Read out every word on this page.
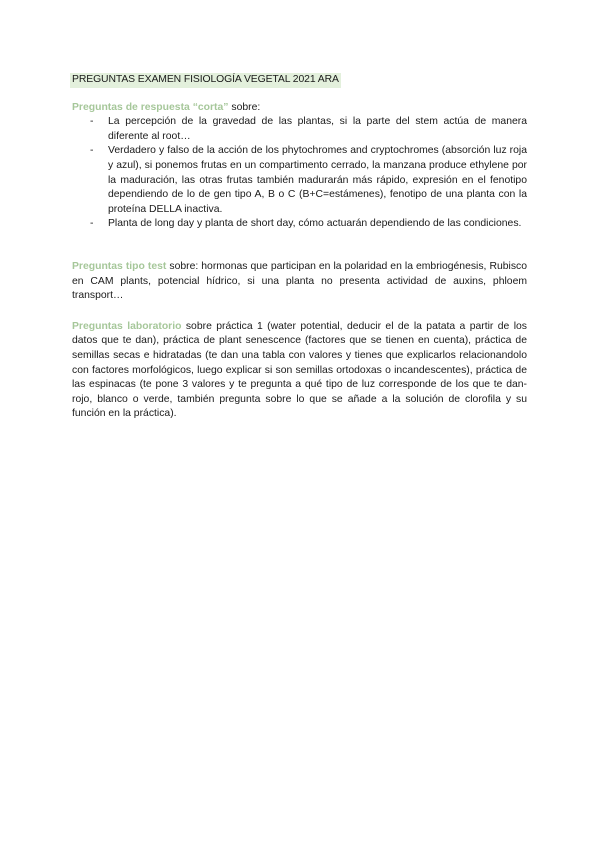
PREGUNTAS EXAMEN FISIOLOGÍA VEGETAL 2021 ARA
Preguntas de respuesta “corta” sobre:
- La percepción de la gravedad de las plantas, si la parte del stem actúa de manera diferente al root…
- Verdadero y falso de la acción de los phytochromes and cryptochromes (absorción luz roja y azul), si ponemos frutas en un compartimento cerrado, la manzana produce ethylene por la maduración, las otras frutas también madurarán más rápido, expresión en el fenotipo dependiendo de lo de gen tipo A, B o C (B+C=estámenes), fenotipo de una planta con la proteína DELLA inactiva.
- Planta de long day y planta de short day, cómo actuarán dependiendo de las condiciones.
Preguntas tipo test sobre: hormonas que participan en la polaridad en la embriogénesis, Rubisco en CAM plants, potencial hídrico, si una planta no presenta actividad de auxins, phloem transport…
Preguntas laboratorio sobre práctica 1 (water potential, deducir el de la patata a partir de los datos que te dan), práctica de plant senescence (factores que se tienen en cuenta), práctica de semillas secas e hidratadas (te dan una tabla con valores y tienes que explicarlos relacionandolo con factores morfológicos, luego explicar si son semillas ortodoxas o incandescentes), práctica de las espinacas (te pone 3 valores y te pregunta a qué tipo de luz corresponde de los que te dan-rojo, blanco o verde, también pregunta sobre lo que se añade a la solución de clorofila y su función en la práctica).
